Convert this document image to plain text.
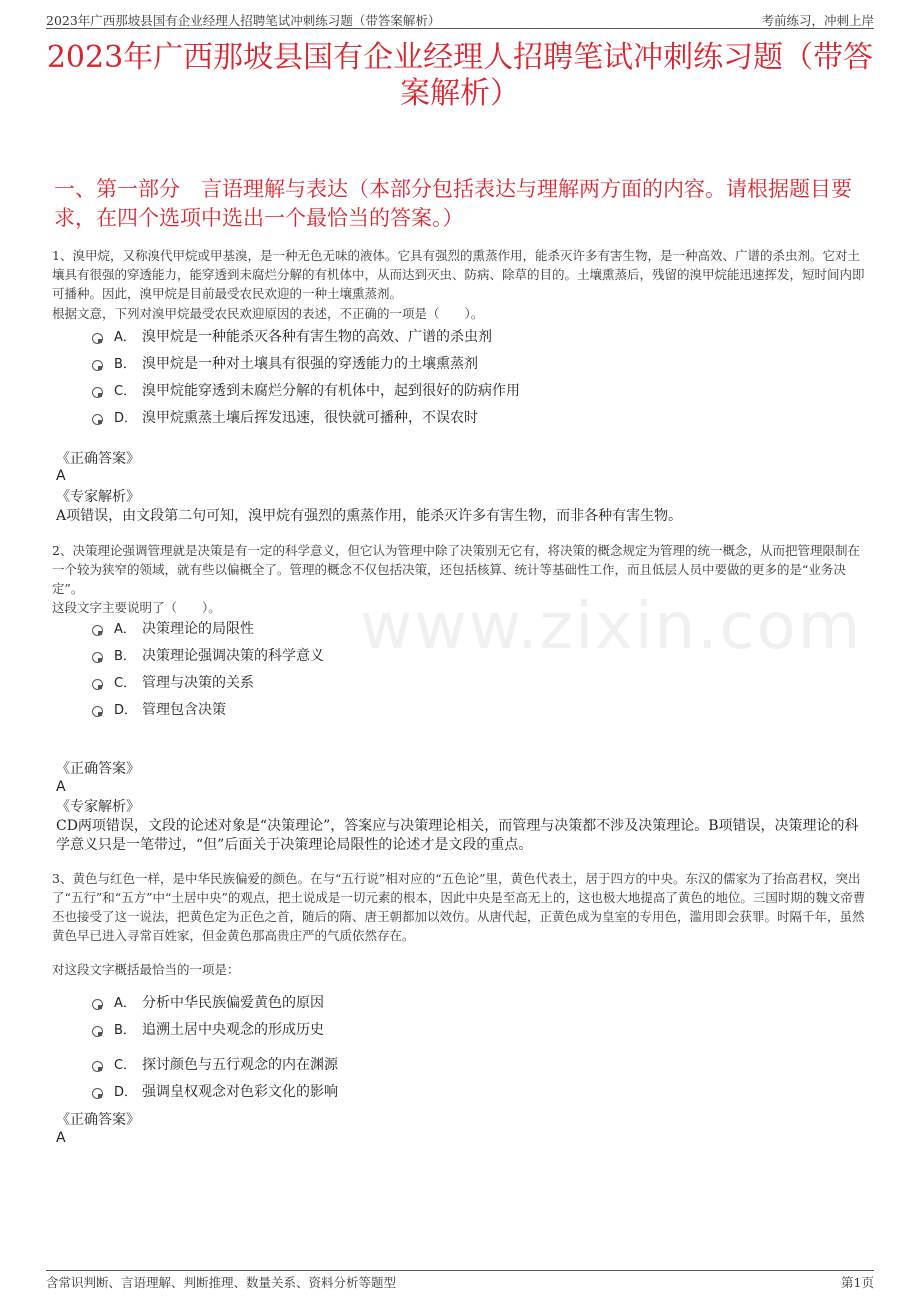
2023年广西那坡县国有企业经理人招聘笔试冲刺练习题（带答案解析）	考前练习，冲刺上岸
2023年广西那坡县国有企业经理人招聘笔试冲刺练习题（带答案解析）
一、第一部分　言语理解与表达（本部分包括表达与理解两方面的内容。请根据题目要求，在四个选项中选出一个最恰当的答案。）
www.zixin.com
1、溴甲烷，又称溴代甲烷或甲基溴，是一种无色无味的液体。它具有强烈的熏蒸作用，能杀灭许多有害生物，是一种高效、广谱的杀虫剂。它对土壤具有很强的穿透能力，能穿透到未腐烂分解的有机体中，从而达到灭虫、防病、除草的目的。土壤熏蒸后，残留的溴甲烷能迅速挥发，短时间内即可播种。因此，溴甲烷是目前最受农民欢迎的一种土壤熏蒸剂。
根据文意，下列对溴甲烷最受农民欢迎原因的表述，不正确的一项是（　　）。
A． 溴甲烷是一种能杀灭各种有害生物的高效、广谱的杀虫剂
B． 溴甲烷是一种对土壤具有很强的穿透能力的土壤熏蒸剂
C． 溴甲烷能穿透到未腐烂分解的有机体中，起到很好的防病作用
D． 溴甲烷熏蒸土壤后挥发迅速，很快就可播种，不误农时
《正确答案》
A
《专家解析》
A项错误，由文段第二句可知，溴甲烷有强烈的熏蒸作用，能杀灭许多有害生物，而非各种有害生物。
2、决策理论强调管理就是决策是有一定的科学意义，但它认为管理中除了决策别无它有，将决策的概念规定为管理的统一概念，从而把管理限制在一个较为狭窄的领域，就有些以偏概全了。管理的概念不仅包括决策，还包括核算、统计等基础性工作，而且低层人员中要做的更多的是“业务决定”。
这段文字主要说明了（　　）。
A． 决策理论的局限性
B． 决策理论强调决策的科学意义
C． 管理与决策的关系
D． 管理包含决策
《正确答案》
A
《专家解析》
CD两项错误，文段的论述对象是“决策理论”，答案应与决策理论相关，而管理与决策都不涉及决策理论。B项错误，决策理论的科学意义只是一笔带过，“但”后面关于决策理论局限性的论述才是文段的重点。
3、黄色与红色一样，是中华民族偏爱的颜色。在与“五行说”相对应的“五色论”里，黄色代表土，居于四方的中央。东汉的儒家为了抬高君权，突出了“五行”和“五方”中“土居中央”的观点，把土说成是一切元素的根本，因此中央是至高无上的，这也极大地提高了黄色的地位。三国时期的魏文帝曹丕也接受了这一说法，把黄色定为正色之首，随后的隋、唐王朝都加以效仿。从唐代起，正黄色成为皇室的专用色，滥用即会获罪。时隔千年，虽然黄色早已进入寻常百姓家，但金黄色那高贵庄严的气质依然存在。
对这段文字概括最恰当的一项是：
A． 分析中华民族偏爱黄色的原因
B． 追溯土居中央观念的形成历史
C． 探讨颜色与五行观念的内在渊源
D． 强调皇权观念对色彩文化的影响
《正确答案》
A
含常识判断、言语理解、判断推理、数量关系、资料分析等题型	第1页
